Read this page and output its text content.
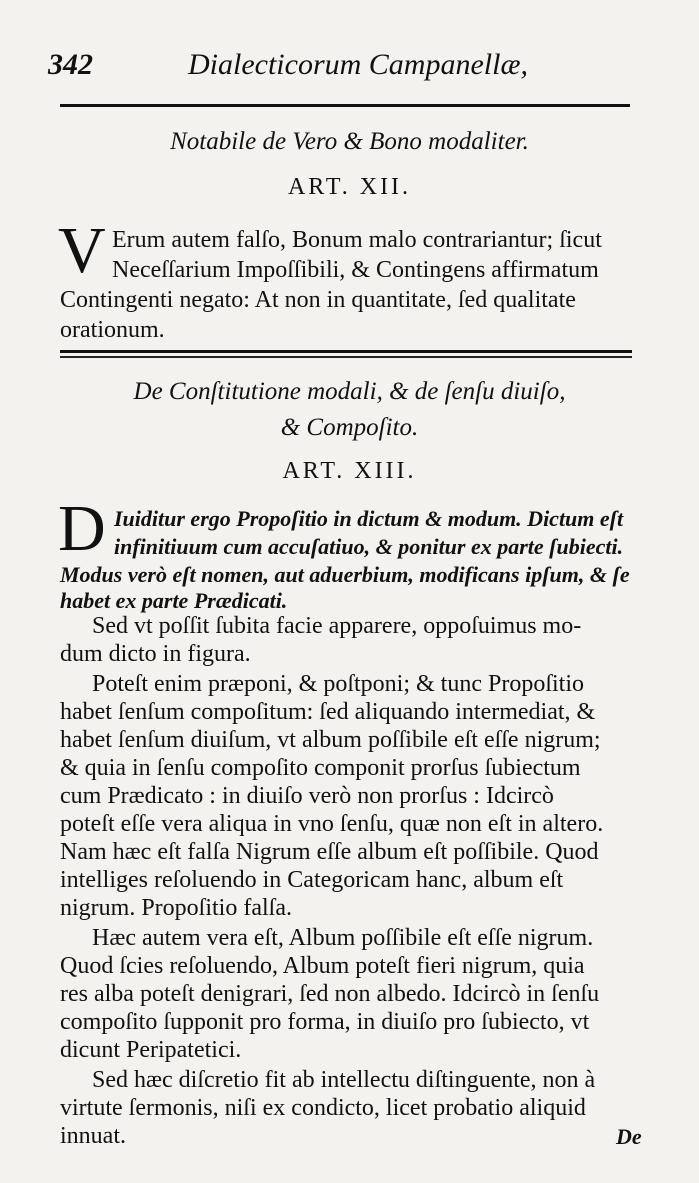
342	Dialecticorum Campanellæ,
Notabile de Vero & Bono modaliter.
ART. XII.
V Erum autem falſo, Bonum malo contrariantur; ſicut
Neceſſarium Impoſſibili, & Contingens affirmatum
Contingenti negato: At non in quantitate, ſed qualitate
orationum.
De Conſtitutione modali, & de ſenſu diuiſo,
& Compoſito.
ART. XIII.
D Iuiditur ergo Propoſitio in dictum & modum. Dictum eſt
infinitiuum cum accuſatiuo, & ponitur ex parte ſubiecti.
Modus verò eſt nomen, aut aduerbium, modificans ipſum, & ſe
habet ex parte Prædicati.
Sed vt poſſit ſubita facie apparere, oppoſuimus mo-
dum dicto in figura.
Poteſt enim præponi, & poſtponi; & tunc Propoſitio
habet ſenſum compoſitum: ſed aliquando intermediat, &
habet ſenſum diuiſum, vt album poſſibile eſt eſſe nigrum;
& quia in ſenſu compoſito componit prorſus ſubiectum
cum Prædicato : in diuiſo verò non prorſus : Idcircò
poteſt eſſe vera aliqua in vno ſenſu, quæ non eſt in altero.
Nam hæc eſt falſa Nigrum eſſe album eſt poſſibile. Quod
intelliges reſoluendo in Categoricam hanc, album eſt
nigrum. Propoſitio falſa.
Hæc autem vera eſt, Album poſſibile eſt eſſe nigrum.
Quod ſcies reſoluendo, Album poteſt fieri nigrum, quia
res alba poteſt denigrari, ſed non albedo. Idcircò in ſenſu
compoſito ſupponit pro forma, in diuiſo pro ſubiecto, vt
dicunt Peripatetici.
Sed hæc diſcretio fit ab intellectu diſtinguente, non à
virtute ſermonis, niſi ex condicto, licet probatio aliquid
innuat.	De
